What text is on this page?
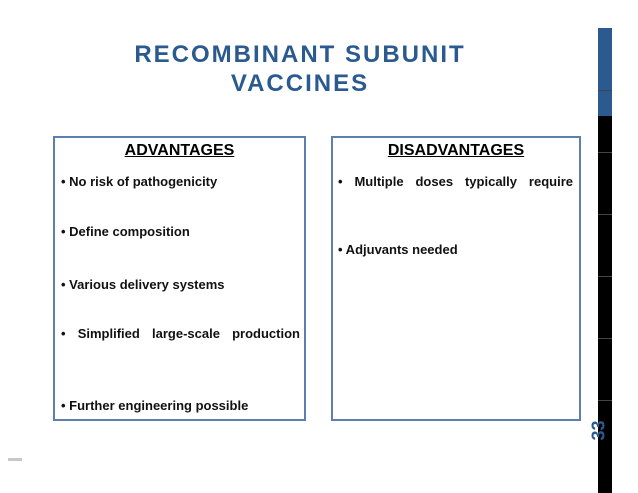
RECOMBINANT SUBUNIT
VACCINES
ADVANTAGES
• No risk of pathogenicity
• Define composition
• Various delivery systems
• Simplified large-scale production
• Further engineering possible
DISADVANTAGES
• Multiple doses typically require
• Adjuvants needed
33
